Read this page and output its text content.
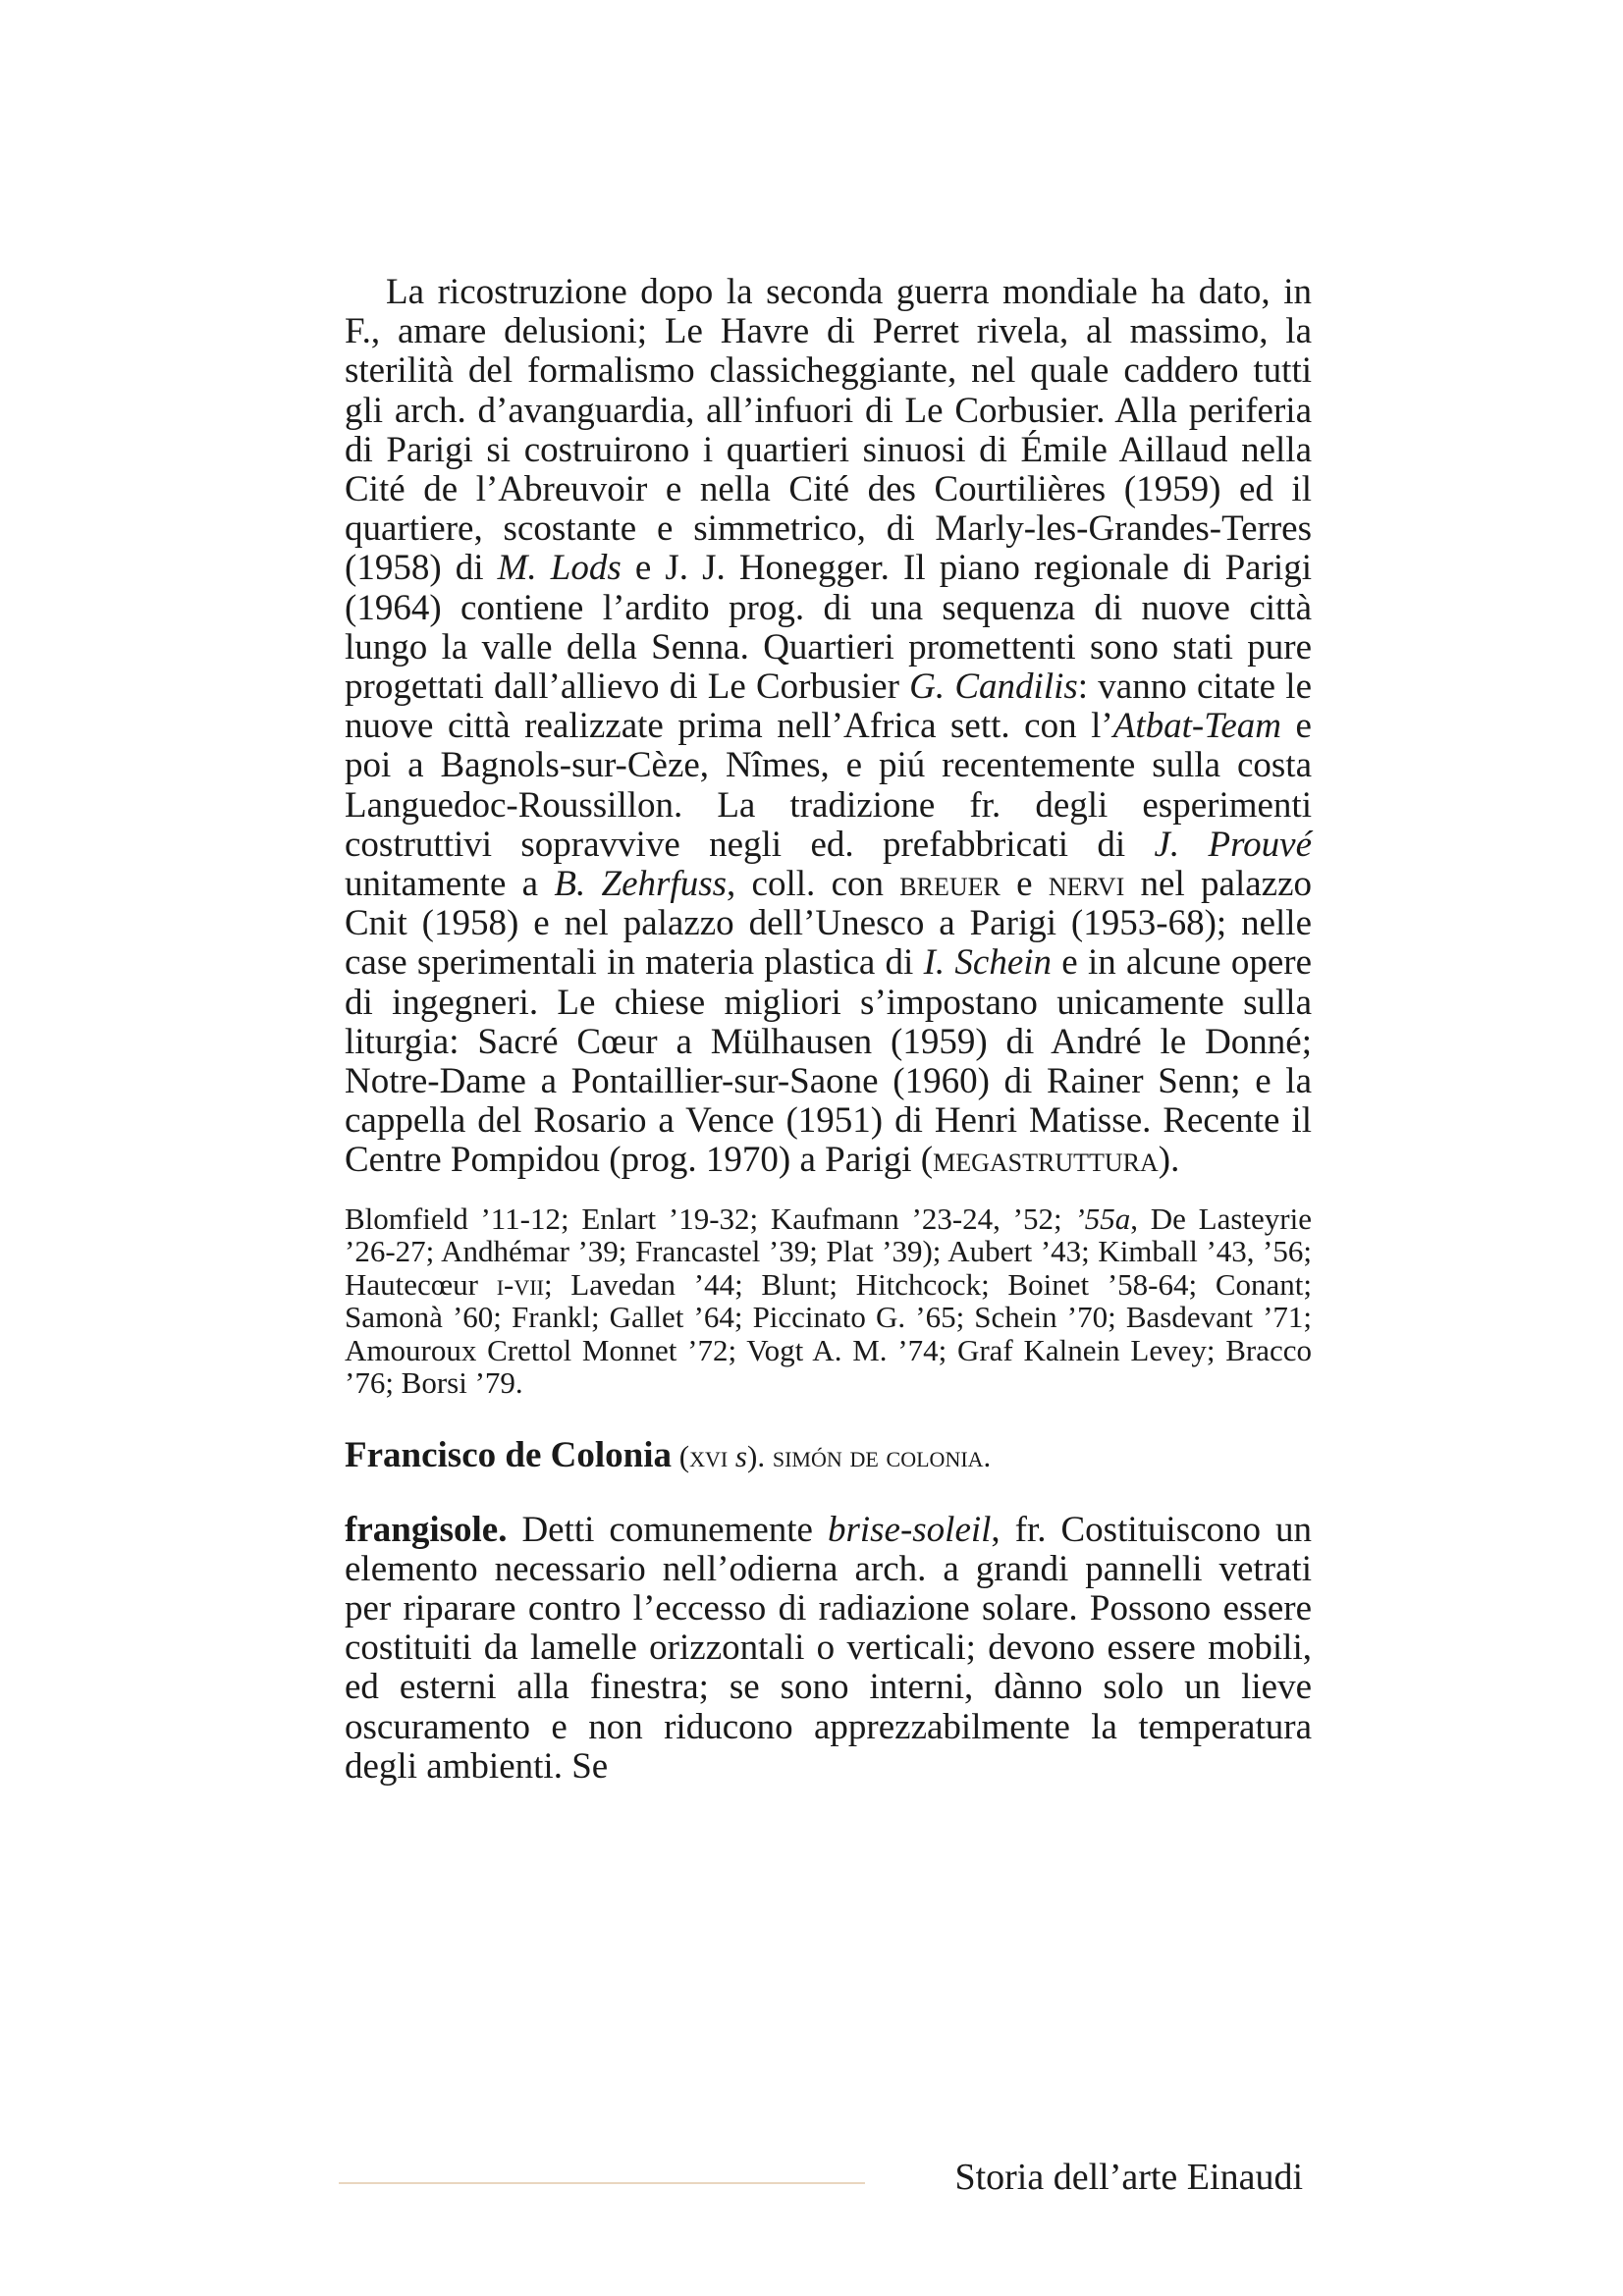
La ricostruzione dopo la seconda guerra mondiale ha dato, in F., amare delusioni; Le Havre di Perret rivela, al massimo, la sterilità del formalismo classicheggiante, nel quale caddero tutti gli arch. d’avanguardia, all’infuori di Le Corbusier. Alla periferia di Parigi si costruirono i quartieri sinuosi di Émile Aillaud nella Cité de l’Abreuvoir e nella Cité des Courtilières (1959) ed il quartiere, scostante e simmetrico, di Marly-les-Grandes-Terres (1958) di M. Lods e J. J. Honegger. Il piano regionale di Parigi (1964) contiene l’ardito prog. di una sequenza di nuove città lungo la valle della Senna. Quartieri promettenti sono stati pure progettati dall’allievo di Le Corbusier G. Candilis: vanno citate le nuove città realizzate prima nell’Africa sett. con l’Atbat-Team e poi a Bagnols-sur-Cèze, Nîmes, e piú recentemente sulla costa Languedoc-Roussillon. La tradizione fr. degli esperimenti costruttivi sopravvive negli ed. prefabbricati di J. Prouvé unitamente a B. Zehrfuss, coll. con breuer e nervi nel palazzo Cnit (1958) e nel palazzo dell’Unesco a Parigi (1953-68); nelle case sperimentali in materia plastica di I. Schein e in alcune opere di ingegneri. Le chiese migliori s’impostano unicamente sulla liturgia: Sacré Cœur a Mülhausen (1959) di André le Donné; Notre-Dame a Pontaillier-sur-Saone (1960) di Rainer Senn; e la cappella del Rosario a Vence (1951) di Henri Matisse. Recente il Centre Pompidou (prog. 1970) a Parigi (megastruttura).

Blomfield ’11-12; Enlart ’19-32; Kaufmann ’23-24, ’52; ’55a, De Lasteyrie ’26-27; Andhémar ’39; Francastel ’39; Plat ’39); Aubert ’43; Kimball ’43, ’56; Hautecœur i-vii; Lavedan ’44; Blunt; Hitchcock; Boinet ’58-64; Conant; Samonà ’60; Frankl; Gallet ’64; Piccinato G. ’65; Schein ’70; Basdevant ’71; Amouroux Crettol Monnet ’72; Vogt A. M. ’74; Graf Kalnein Levey; Bracco ’76; Borsi ’79.

Francisco de Colonia (xvi s). simón de colonia.

frangisole. Detti comunemente brise-soleil, fr. Costituiscono un elemento necessario nell’odierna arch. a grandi pannelli vetrati per riparare contro l’eccesso di radiazione solare. Possono essere costituiti da lamelle orizzontali o verticali; devono essere mobili, ed esterni alla finestra; se sono interni, dànno solo un lieve oscuramento e non riducono apprezzabilmente la temperatura degli ambienti. Se

Storia dell’arte Einaudi
